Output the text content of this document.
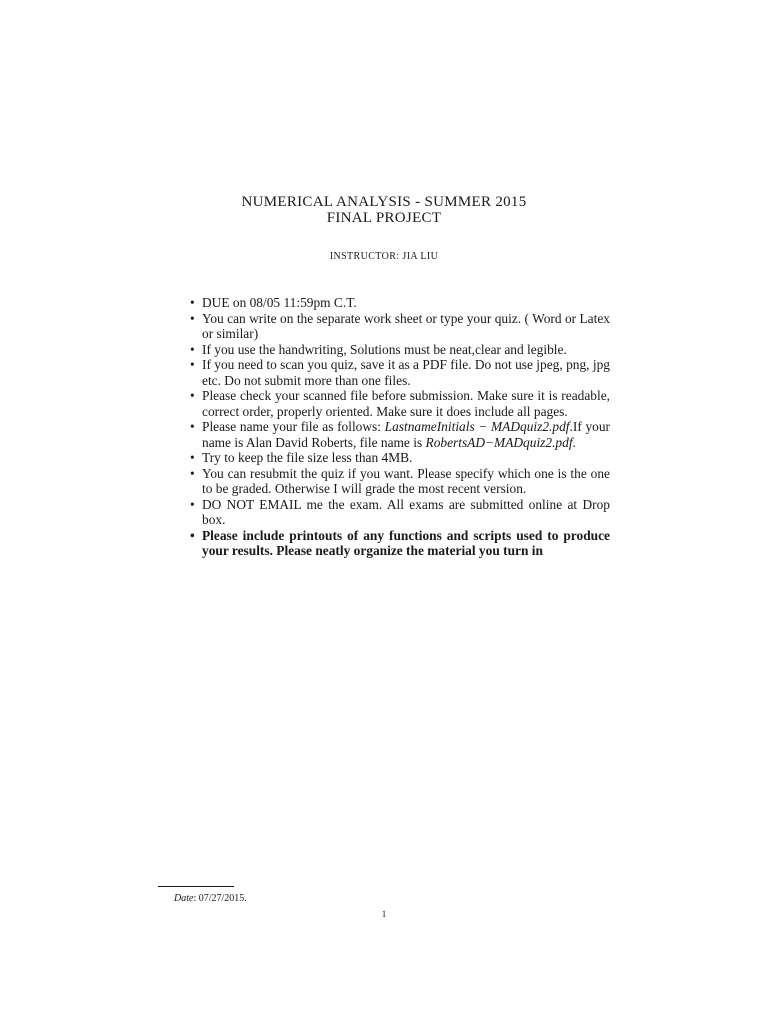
NUMERICAL ANALYSIS - SUMMER 2015
FINAL PROJECT
INSTRUCTOR: JIA LIU
• DUE on 08/05 11:59pm C.T.
• You can write on the separate work sheet or type your quiz. ( Word or Latex or similar)
• If you use the handwriting, Solutions must be neat,clear and legible.
• If you need to scan you quiz, save it as a PDF file. Do not use jpeg, png, jpg etc. Do not submit more than one files.
• Please check your scanned file before submission. Make sure it is readable, correct order, properly oriented. Make sure it does include all pages.
• Please name your file as follows: LastnameInitials − MADquiz2.pdf.If your name is Alan David Roberts, file name is RobertsAD−MADquiz2.pdf.
• Try to keep the file size less than 4MB.
• You can resubmit the quiz if you want. Please specify which one is the one to be graded. Otherwise I will grade the most recent version.
• DO NOT EMAIL me the exam. All exams are submitted online at Drop box.
• Please include printouts of any functions and scripts used to produce your results. Please neatly organize the material you turn in
Date: 07/27/2015.
1
